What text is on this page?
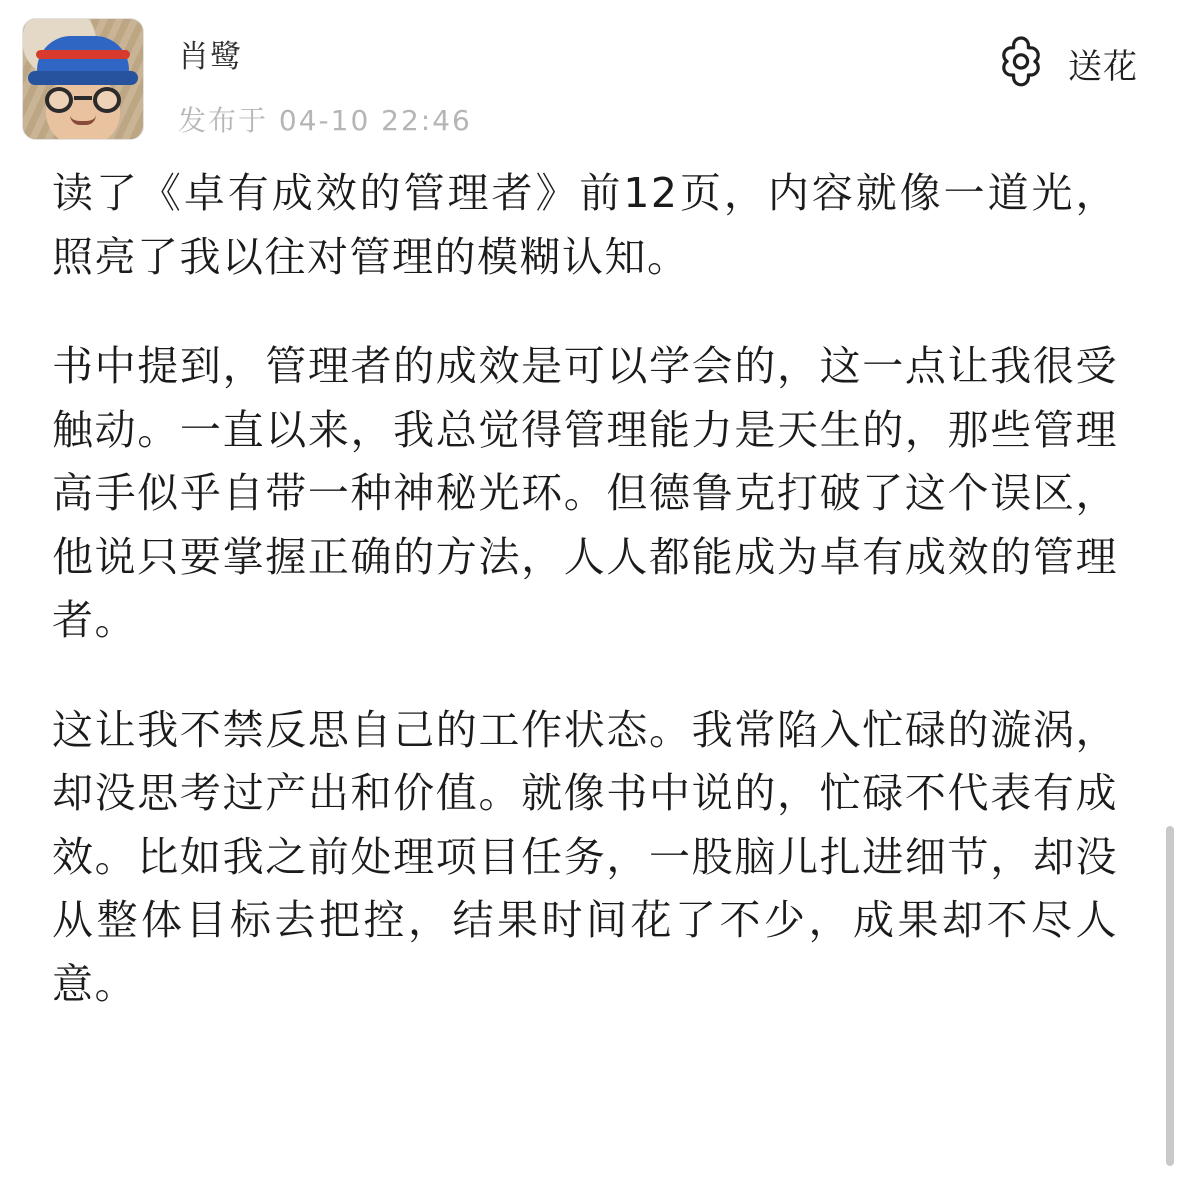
肖鹭
发布于 04-10 22:46
送花

读了《卓有成效的管理者》前12页，内容就像一道光，照亮了我以往对管理的模糊认知。

书中提到，管理者的成效是可以学会的，这一点让我很受触动。一直以来，我总觉得管理能力是天生的，那些管理高手似乎自带一种神秘光环。但德鲁克打破了这个误区，他说只要掌握正确的方法，人人都能成为卓有成效的管理者。

这让我不禁反思自己的工作状态。我常陷入忙碌的漩涡，却没思考过产出和价值。就像书中说的，忙碌不代表有成效。比如我之前处理项目任务，一股脑儿扎进细节，却没从整体目标去把控，结果时间花了不少，成果却不尽人意。
